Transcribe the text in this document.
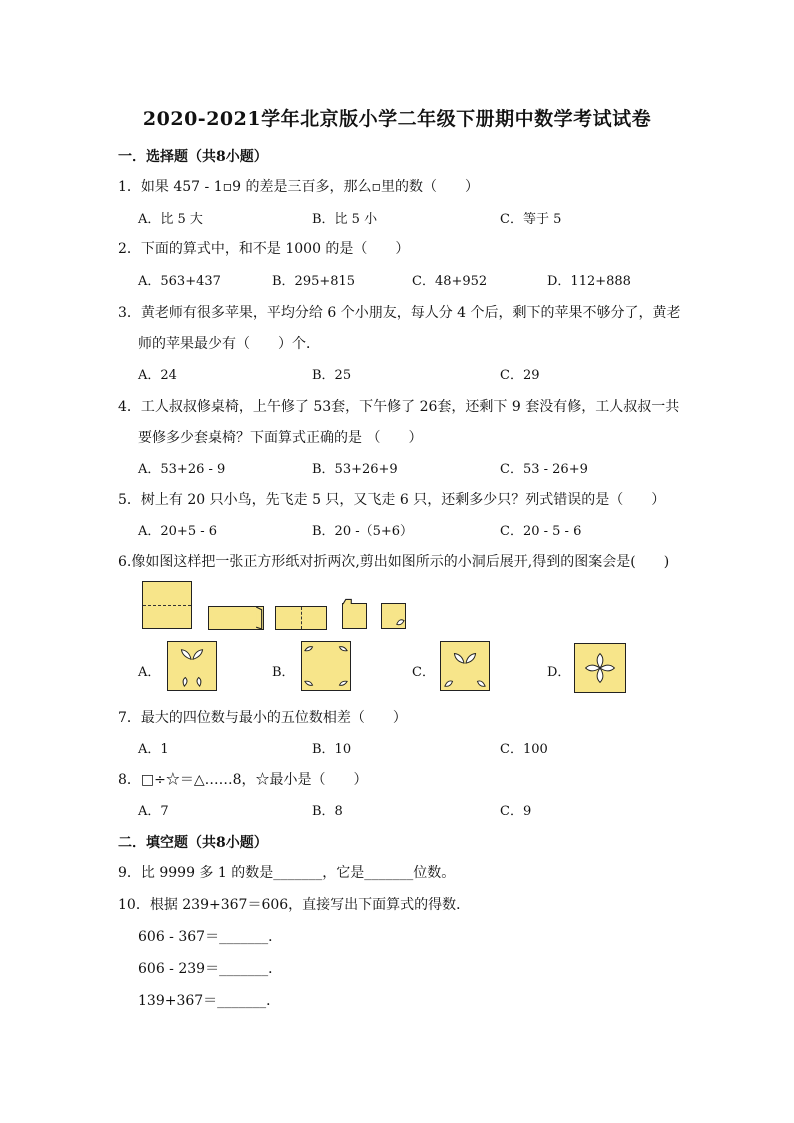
2020-2021学年北京版小学二年级下册期中数学考试试卷
一．选择题（共8小题）
1．如果 457 - 1▫9 的差是三百多，那么▫里的数（　　）
A．比 5 大	B．比 5 小	C．等于 5
2．下面的算式中，和不是 1000 的是（　　）
A．563+437	B．295+815	C．48+952	D．112+888
3．黄老师有很多苹果，平均分给 6 个小朋友，每人分 4 个后，剩下的苹果不够分了，黄老
师的苹果最少有（　　）个．
A．24	B．25	C．29
4．工人叔叔修桌椅，上午修了 53套，下午修了 26套，还剩下 9 套没有修，工人叔叔一共
要修多少套桌椅？下面算式正确的是 （　　）
A．53+26 - 9	B．53+26+9	C．53 - 26+9
5．树上有 20 只小鸟，先飞走 5 只，又飞走 6 只，还剩多少只？列式错误的是（　　）
A．20+5 - 6	B．20 -（5+6）	C．20 - 5 - 6
6.像如图这样把一张正方形纸对折两次,剪出如图所示的小洞后展开,得到的图案会是(　　)
A．	B．	C．	D．
7．最大的四位数与最小的五位数相差（　　）
A．1	B．10	C．100
8．□÷☆＝△……8，☆最小是（　　）
A．7	B．8	C．9
二．填空题（共8小题）
9．比 9999 多 1 的数是_______，它是_______位数。
10．根据 239+367＝606，直接写出下面算式的得数．
606 - 367＝_______．
606 - 239＝_______．
139+367＝_______．
